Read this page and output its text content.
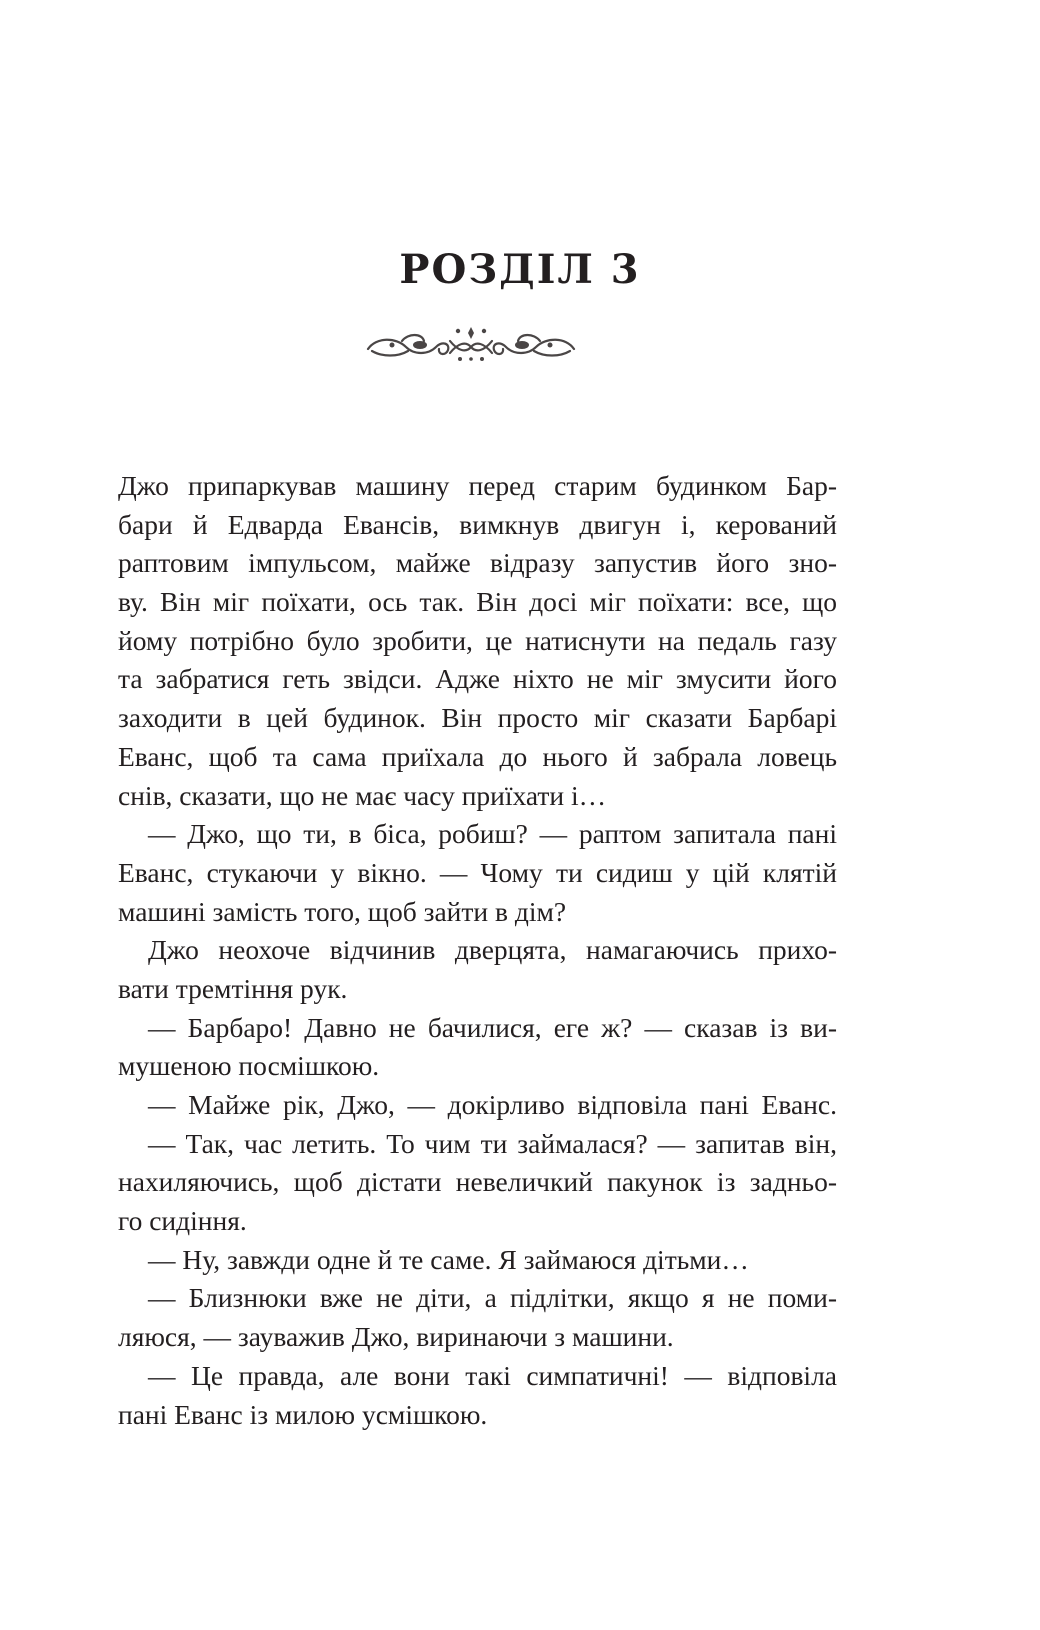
РОЗДІЛ 3
Джо припаркував машину перед старим будинком Бар-
бари й Едварда Евансів, вимкнув двигун і, керований
раптовим імпульсом, майже відразу запустив його зно-
ву. Він міг поїхати, ось так. Він досі міг поїхати: все, що
йому потрібно було зробити, це натиснути на педаль газу
та забратися геть звідси. Адже ніхто не міг змусити його
заходити в цей будинок. Він просто міг сказати Барбарі
Еванс, щоб та сама приїхала до нього й забрала ловець
снів, сказати, що не має часу приїхати і…
— Джо, що ти, в біса, робиш? — раптом запитала пані
Еванс, стукаючи у вікно. — Чому ти сидиш у цій клятій
машині замість того, щоб зайти в дім?
Джо неохоче відчинив дверцята, намагаючись прихо-
вати тремтіння рук.
— Барбаро! Давно не бачилися, еге ж? — сказав із ви-
мушеною посмішкою.
— Майже рік, Джо, — докірливо відповіла пані Еванс.
— Так, час летить. То чим ти займалася? — запитав він,
нахиляючись, щоб дістати невеличкий пакунок із задньо-
го сидіння.
— Ну, завжди одне й те саме. Я займаюся дітьми…
— Близнюки вже не діти, а підлітки, якщо я не поми-
ляюся, — зауважив Джо, виринаючи з машини.
— Це правда, але вони такі симпатичні! — відповіла
пані Еванс із милою усмішкою.
